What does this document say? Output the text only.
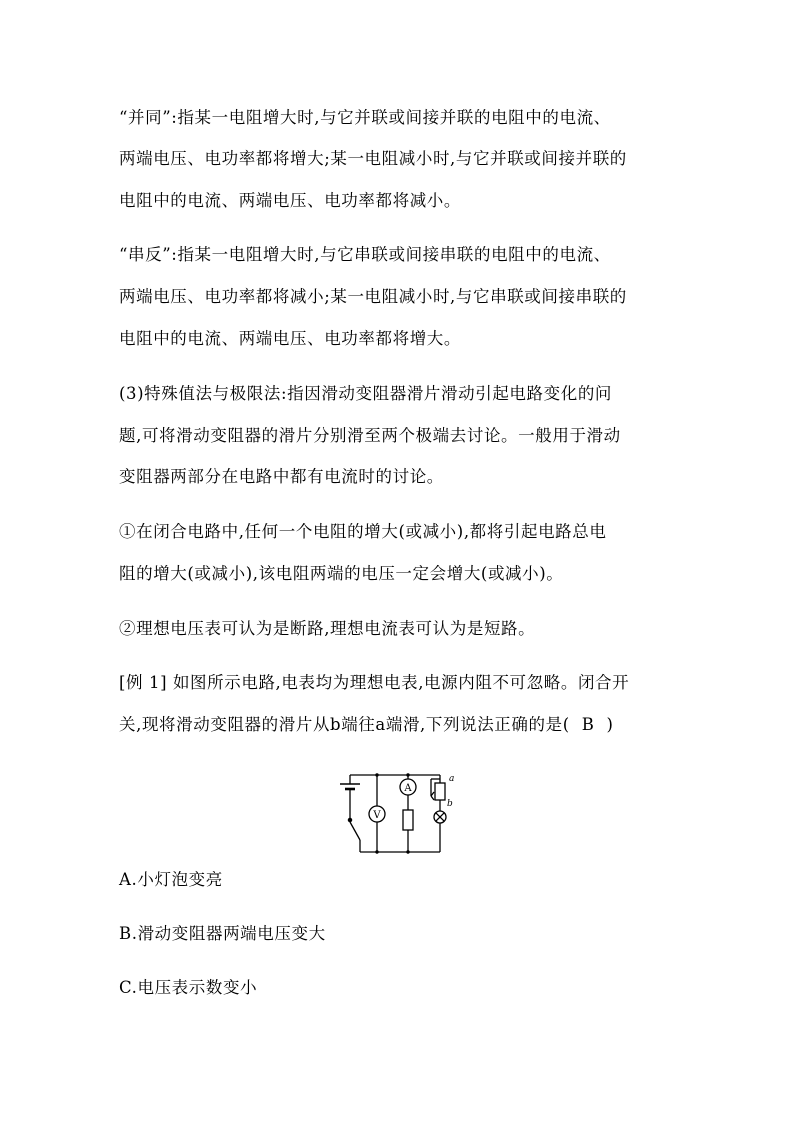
“并同”:指某一电阻增大时,与它并联或间接并联的电阻中的电流、
两端电压、电功率都将增大;某一电阻减小时,与它并联或间接并联的
电阻中的电流、两端电压、电功率都将减小。
“串反”:指某一电阻增大时,与它串联或间接串联的电阻中的电流、
两端电压、电功率都将减小;某一电阻减小时,与它串联或间接串联的
电阻中的电流、两端电压、电功率都将增大。
(3)特殊值法与极限法:指因滑动变阻器滑片滑动引起电路变化的问
题,可将滑动变阻器的滑片分别滑至两个极端去讨论。一般用于滑动
变阻器两部分在电路中都有电流时的讨论。
①在闭合电路中,任何一个电阻的增大(或减小),都将引起电路总电
阻的增大(或减小),该电阻两端的电压一定会增大(或减小)。
②理想电压表可认为是断路,理想电流表可认为是短路。
[例 1] 如图所示电路,电表均为理想电表,电源内阻不可忽略。闭合开
关,现将滑动变阻器的滑片从b端往a端滑,下列说法正确的是( B )
V
A
a
b
A.小灯泡变亮
B.滑动变阻器两端电压变大
C.电压表示数变小
